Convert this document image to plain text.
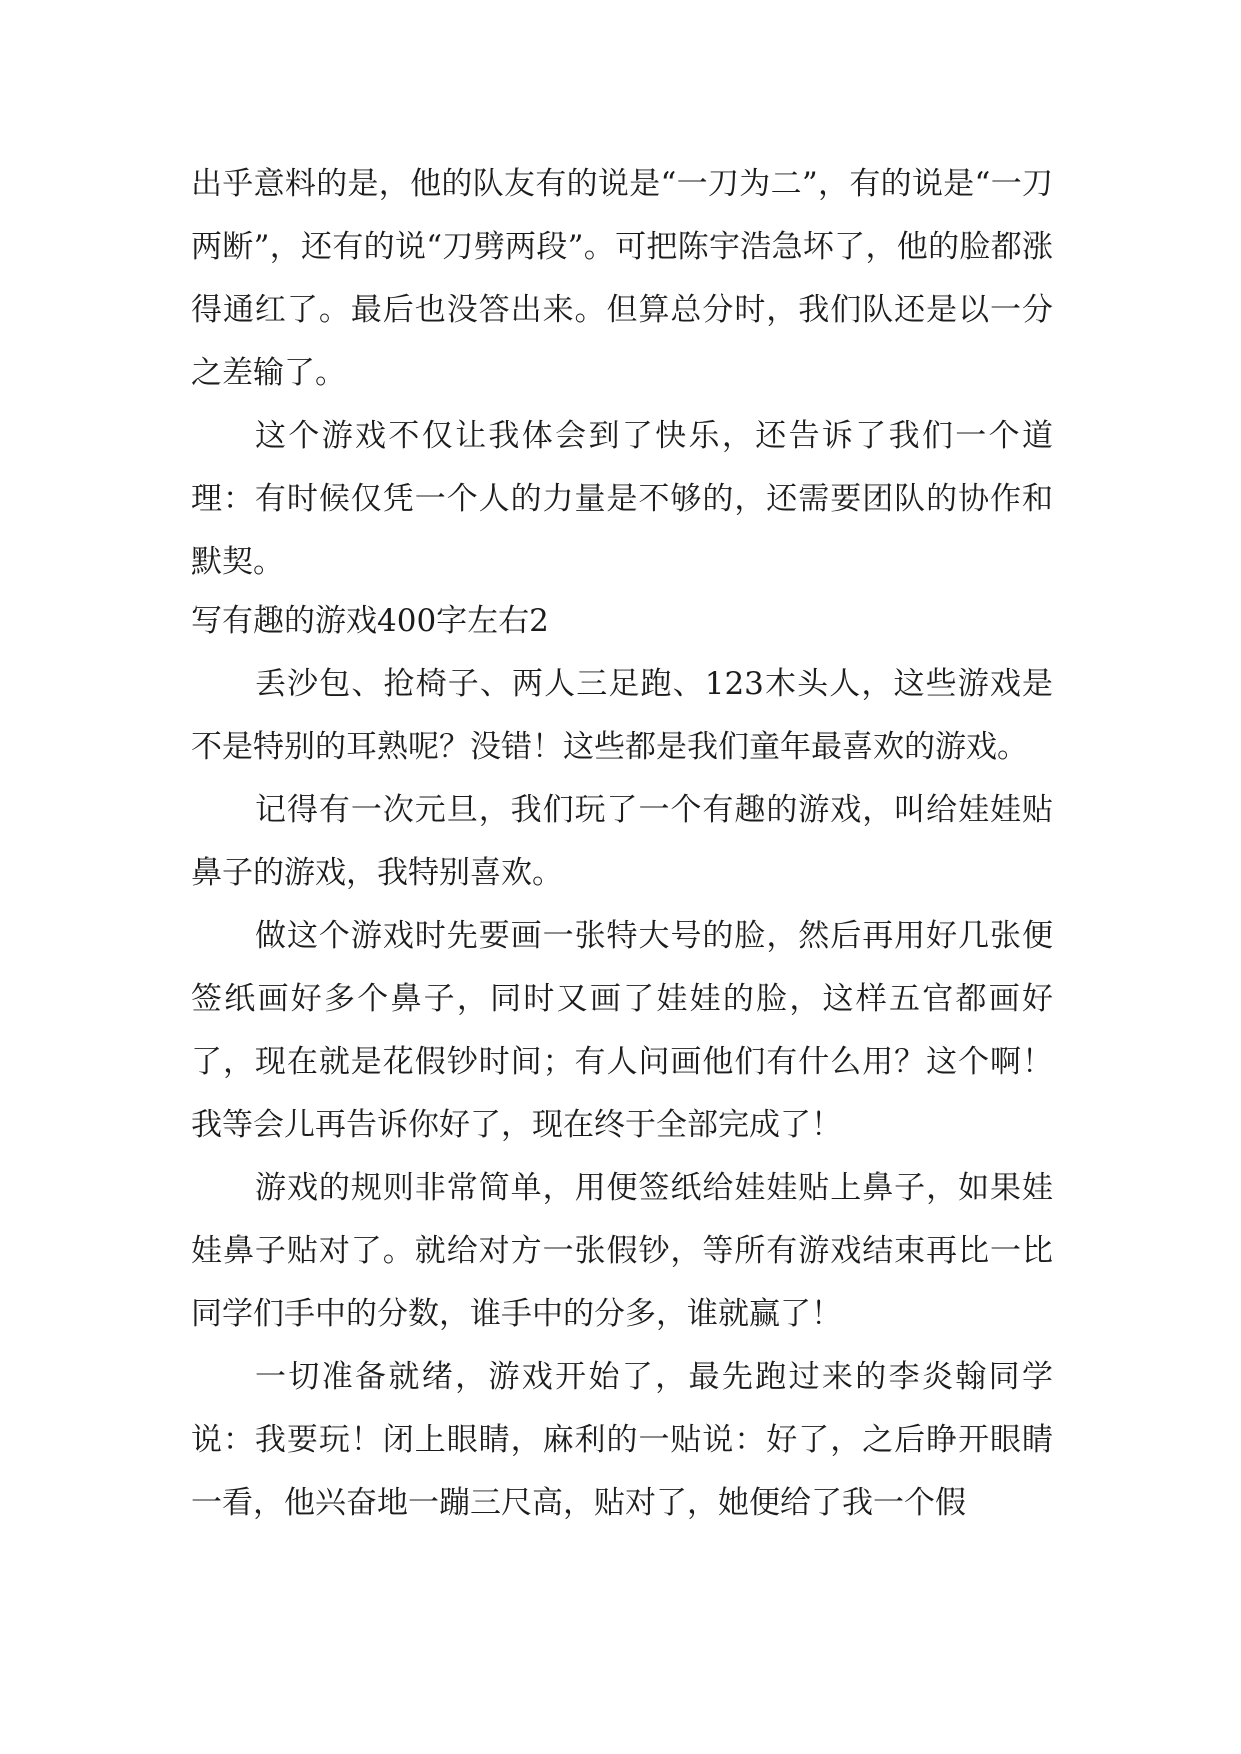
出乎意料的是，他的队友有的说是“一刀为二”，有的说是“一刀两断”，还有的说“刀劈两段”。可把陈宇浩急坏了，他的脸都涨得通红了。最后也没答出来。但算总分时，我们队还是以一分之差输了。

这个游戏不仅让我体会到了快乐，还告诉了我们一个道理：有时候仅凭一个人的力量是不够的，还需要团队的协作和默契。

写有趣的游戏400字左右2

丢沙包、抢椅子、两人三足跑、123木头人，这些游戏是不是特别的耳熟呢？没错！这些都是我们童年最喜欢的游戏。

记得有一次元旦，我们玩了一个有趣的游戏，叫给娃娃贴鼻子的游戏，我特别喜欢。

做这个游戏时先要画一张特大号的脸，然后再用好几张便签纸画好多个鼻子，同时又画了娃娃的脸，这样五官都画好了，现在就是花假钞时间；有人问画他们有什么用？这个啊！我等会儿再告诉你好了，现在终于全部完成了！

游戏的规则非常简单，用便签纸给娃娃贴上鼻子，如果娃娃鼻子贴对了。就给对方一张假钞，等所有游戏结束再比一比同学们手中的分数，谁手中的分多，谁就赢了！

一切准备就绪，游戏开始了，最先跑过来的李炎翰同学说：我要玩！闭上眼睛，麻利的一贴说：好了，之后睁开眼睛一看，他兴奋地一蹦三尺高，贴对了，她便给了我一个假
